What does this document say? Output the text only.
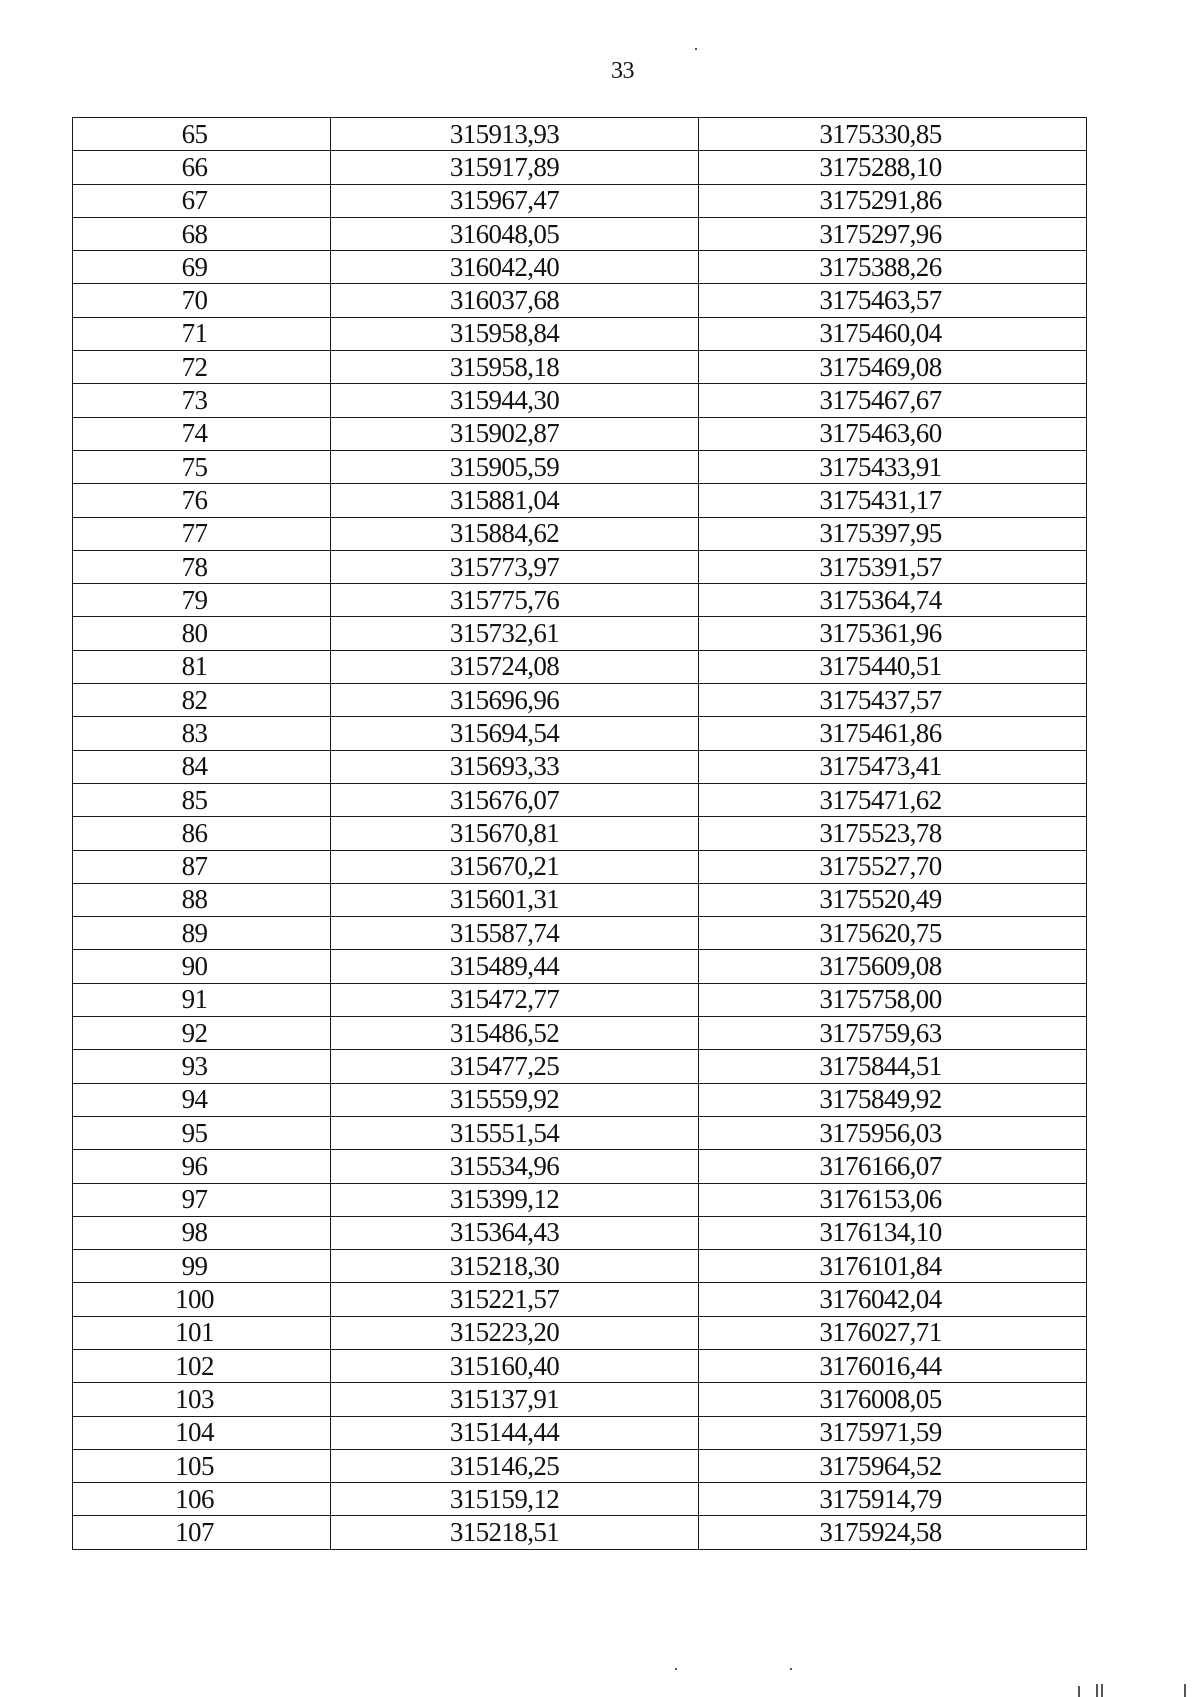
33
65	315913,93	3175330,85
66	315917,89	3175288,10
67	315967,47	3175291,86
68	316048,05	3175297,96
69	316042,40	3175388,26
70	316037,68	3175463,57
71	315958,84	3175460,04
72	315958,18	3175469,08
73	315944,30	3175467,67
74	315902,87	3175463,60
75	315905,59	3175433,91
76	315881,04	3175431,17
77	315884,62	3175397,95
78	315773,97	3175391,57
79	315775,76	3175364,74
80	315732,61	3175361,96
81	315724,08	3175440,51
82	315696,96	3175437,57
83	315694,54	3175461,86
84	315693,33	3175473,41
85	315676,07	3175471,62
86	315670,81	3175523,78
87	315670,21	3175527,70
88	315601,31	3175520,49
89	315587,74	3175620,75
90	315489,44	3175609,08
91	315472,77	3175758,00
92	315486,52	3175759,63
93	315477,25	3175844,51
94	315559,92	3175849,92
95	315551,54	3175956,03
96	315534,96	3176166,07
97	315399,12	3176153,06
98	315364,43	3176134,10
99	315218,30	3176101,84
100	315221,57	3176042,04
101	315223,20	3176027,71
102	315160,40	3176016,44
103	315137,91	3176008,05
104	315144,44	3175971,59
105	315146,25	3175964,52
106	315159,12	3175914,79
107	315218,51	3175924,58
